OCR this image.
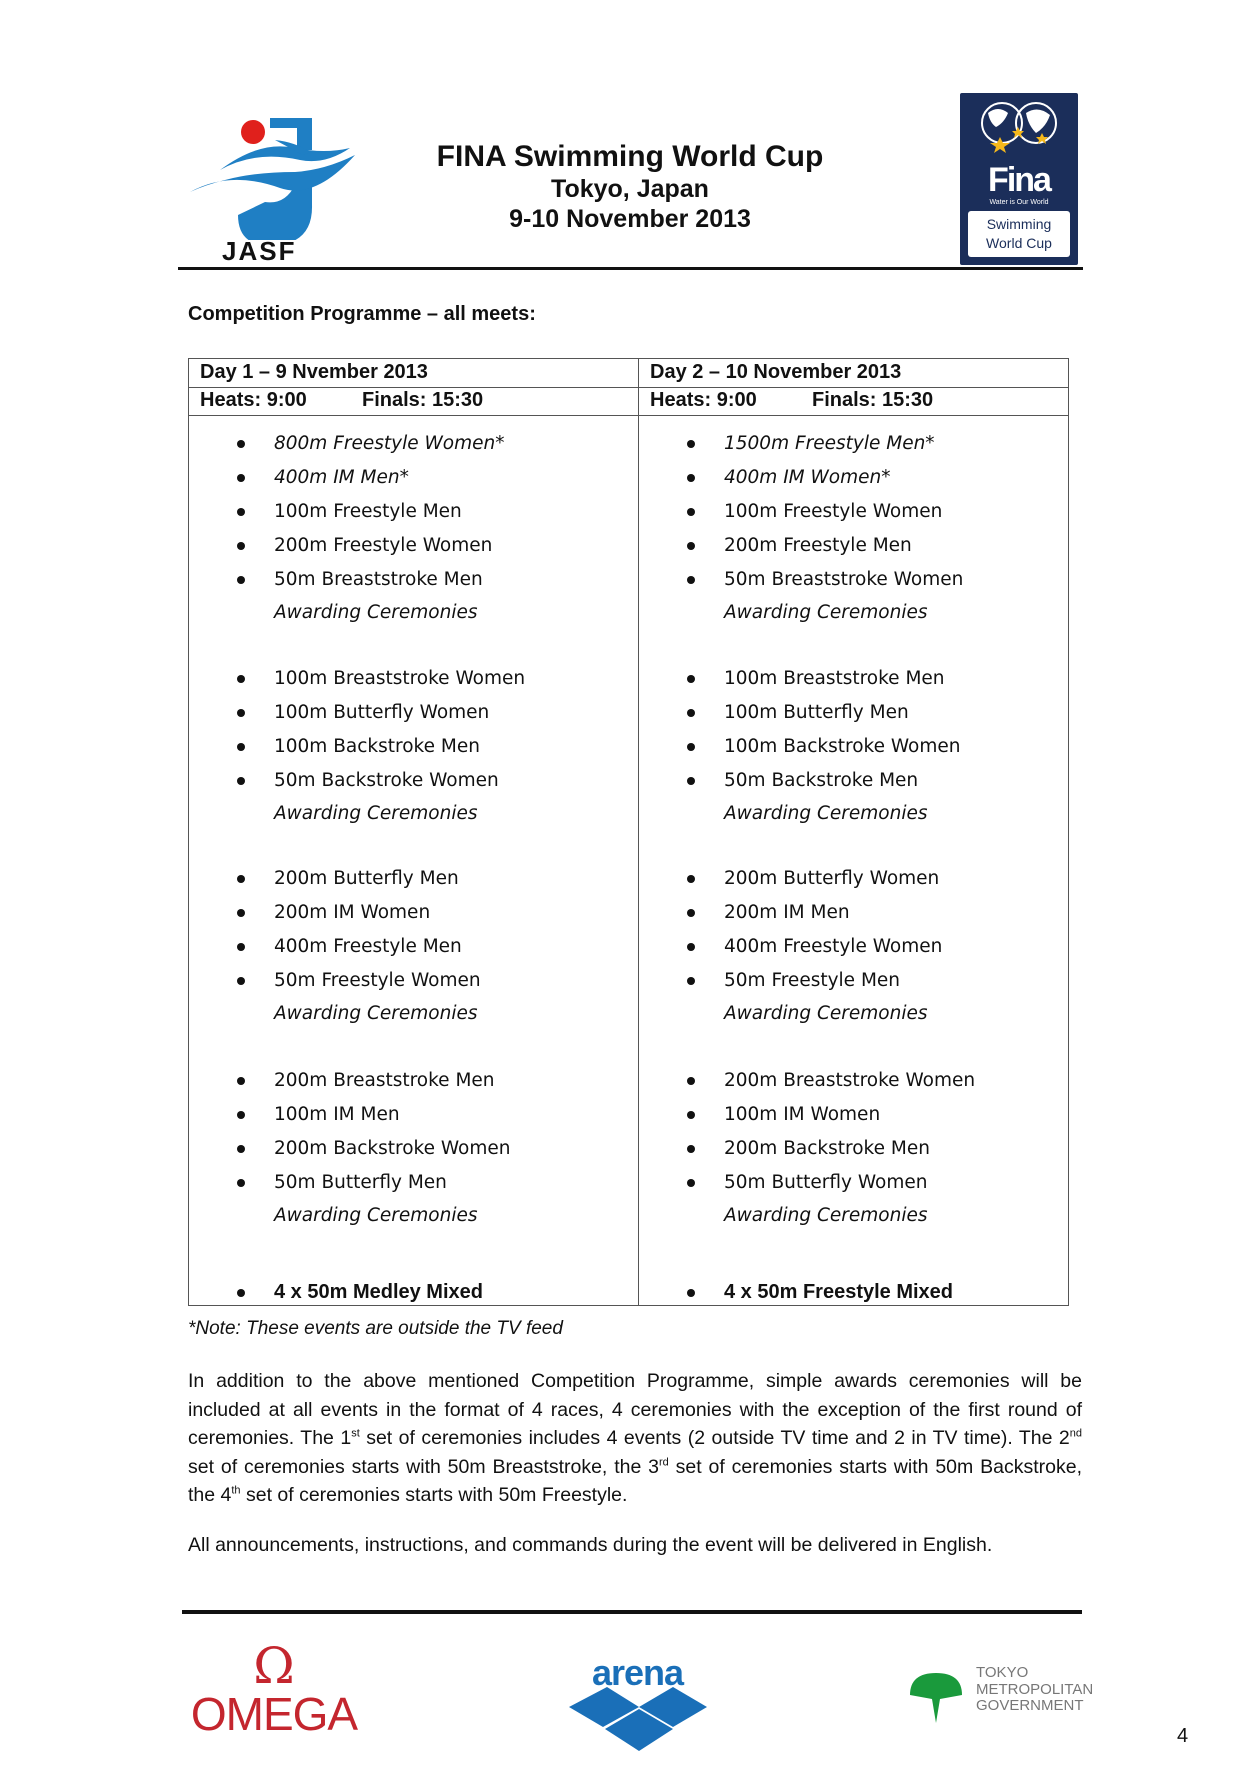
JASF
FINA Swimming World Cup
Tokyo, Japan
9-10 November 2013
Fina
Water is Our World
Swimming
World Cup
Competition Programme – all meets:
Day 1 – 9 Nvember 2013
Heats: 9:00	Finals: 15:30
Day 2 – 10 November 2013
Heats: 9:00	Finals: 15:30
800m Freestyle Women*
400m IM Men*
100m Freestyle Men
200m Freestyle Women
50m Breaststroke Men
Awarding Ceremonies
100m Breaststroke Women
100m Butterfly Women
100m Backstroke Men
50m Backstroke Women
Awarding Ceremonies
200m Butterfly Men
200m IM Women
400m Freestyle Men
50m Freestyle Women
Awarding Ceremonies
200m Breaststroke Men
100m IM Men
200m Backstroke Women
50m Butterfly Men
Awarding Ceremonies
4 x 50m Medley Mixed
1500m Freestyle Men*
400m IM Women*
100m Freestyle Women
200m Freestyle Men
50m Breaststroke Women
Awarding Ceremonies
100m Breaststroke Men
100m Butterfly Men
100m Backstroke Women
50m Backstroke Men
Awarding Ceremonies
200m Butterfly Women
200m IM Men
400m Freestyle Women
50m Freestyle Men
Awarding Ceremonies
200m Breaststroke Women
100m IM Women
200m Backstroke Men
50m Butterfly Women
Awarding Ceremonies
4 x 50m Freestyle Mixed
*Note: These events are outside the TV feed
In addition to the above mentioned Competition Programme, simple awards ceremonies will be included at all events in the format of 4 races, 4 ceremonies with the exception of the first round of ceremonies. The 1st set of ceremonies includes 4 events (2 outside TV time and 2 in TV time). The 2nd set of ceremonies starts with 50m Breaststroke, the 3rd set of ceremonies starts with 50m Backstroke, the 4th set of ceremonies starts with 50m Freestyle.
All announcements, instructions, and commands during the event will be delivered in English.
Ω
OMEGA
arena	TOKYO
METROPOLITAN
GOVERNMENT
4
